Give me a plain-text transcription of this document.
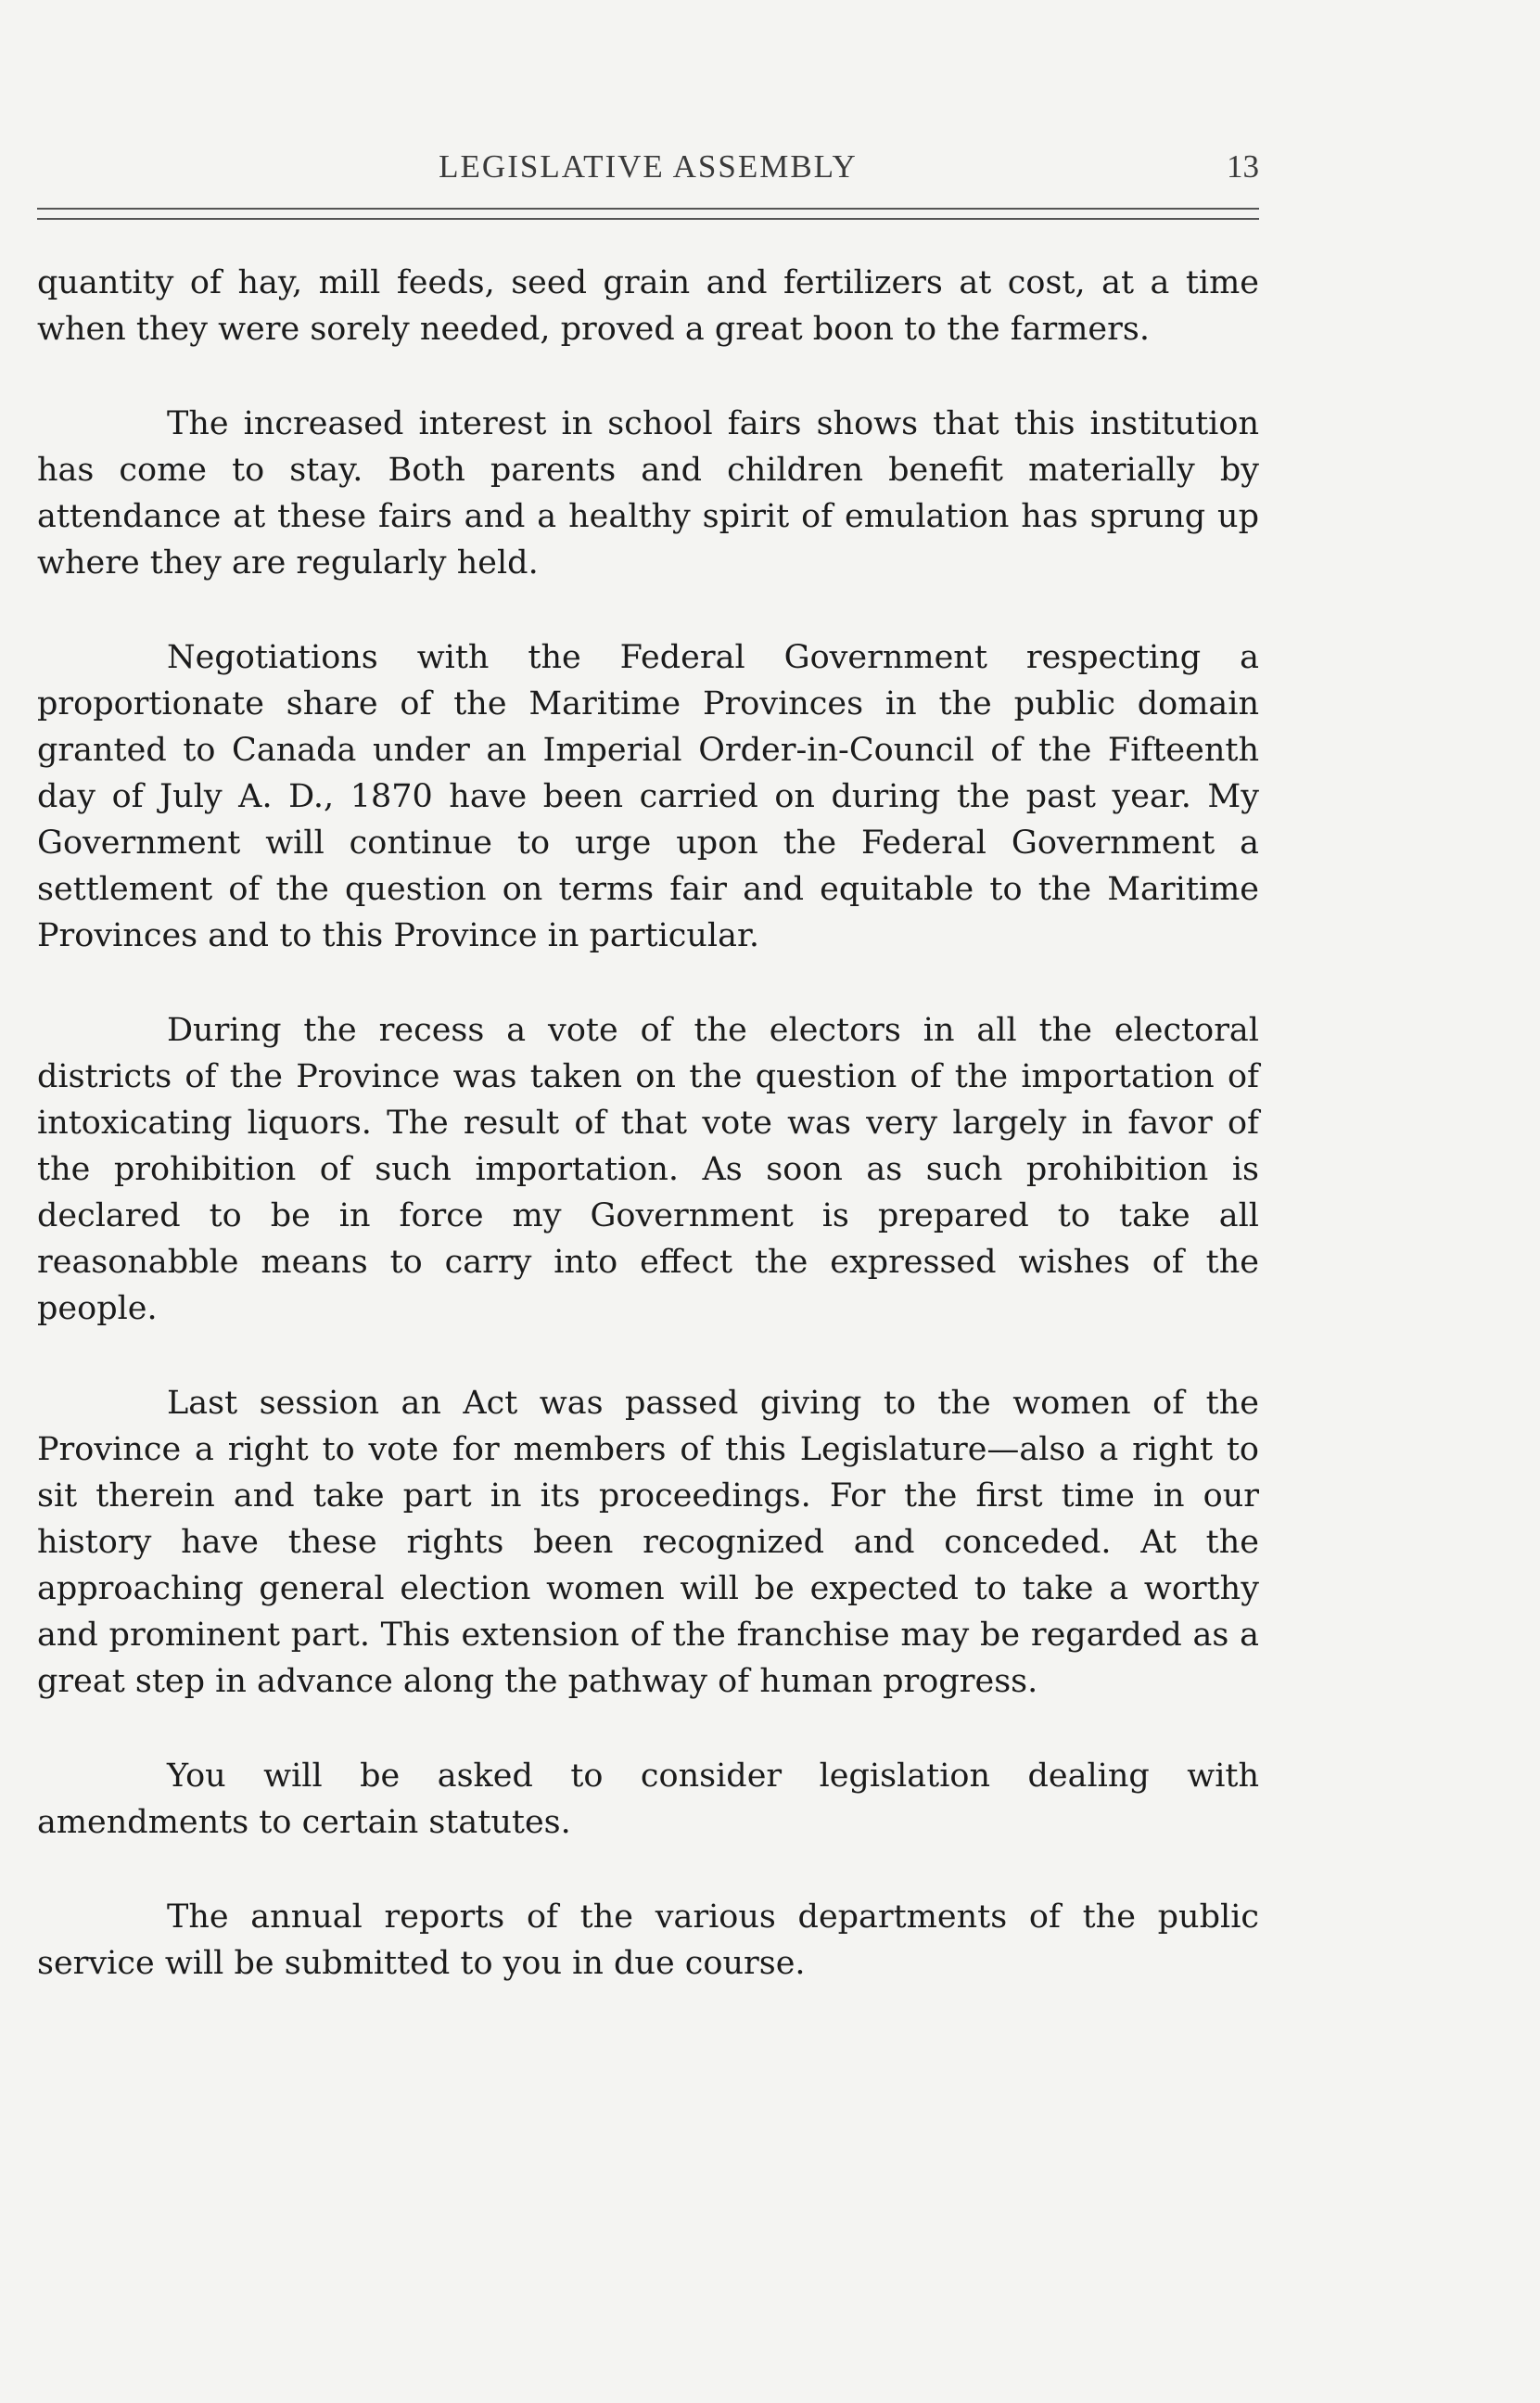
LEGISLATIVE ASSEMBLY	13

quantity of hay, mill feeds, seed grain and fertilizers at cost, at a time when they were sorely needed, proved a great boon to the farmers.

The increased interest in school fairs shows that this institution has come to stay. Both parents and children benefit materially by attendance at these fairs and a healthy spirit of emulation has sprung up where they are regularly held.

Negotiations with the Federal Government respecting a proportionate share of the Maritime Provinces in the public domain granted to Canada under an Imperial Order-in-Council of the Fifteenth day of July A. D., 1870 have been carried on during the past year. My Government will continue to urge upon the Federal Government a settlement of the question on terms fair and equitable to the Maritime Provinces and to this Province in particular.

During the recess a vote of the electors in all the electoral districts of the Province was taken on the question of the importation of intoxicating liquors. The result of that vote was very largely in favor of the prohibition of such importation. As soon as such prohibition is declared to be in force my Government is prepared to take all reasonabble means to carry into effect the expressed wishes of the people.

Last session an Act was passed giving to the women of the Province a right to vote for members of this Legislature—also a right to sit therein and take part in its proceedings. For the first time in our history have these rights been recognized and conceded. At the approaching general election women will be expected to take a worthy and prominent part. This extension of the franchise may be regarded as a great step in advance along the pathway of human progress.

You will be asked to consider legislation dealing with amendments to certain statutes.

The annual reports of the various departments of the public service will be submitted to you in due course.
